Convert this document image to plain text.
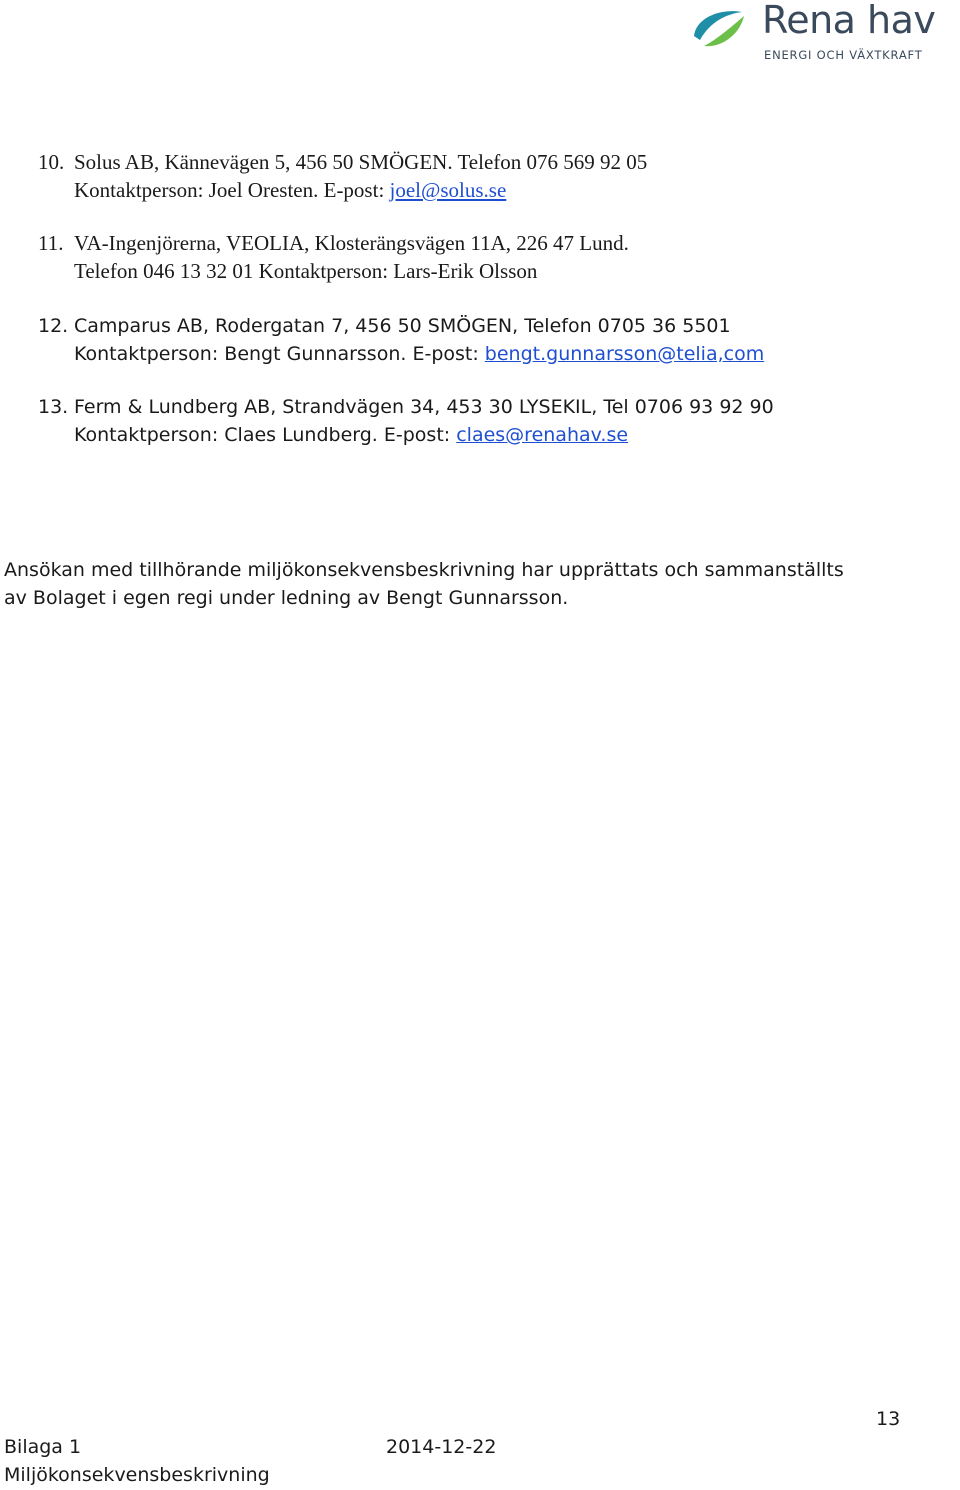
Rena hav
ENERGI OCH VÄXTKRAFT
10. Solus AB, Kännevägen 5, 456 50 SMÖGEN. Telefon 076 569 92 05
Kontaktperson: Joel Oresten. E-post: joel@solus.se
11. VA-Ingenjörerna, VEOLIA, Klosterängsvägen 11A, 226 47 Lund.
Telefon 046 13 32 01 Kontaktperson: Lars-Erik Olsson
12. Camparus AB, Rodergatan 7, 456 50 SMÖGEN, Telefon 0705 36 5501
Kontaktperson: Bengt Gunnarsson. E-post: bengt.gunnarsson@telia,com
13. Ferm & Lundberg AB, Strandvägen 34, 453 30 LYSEKIL, Tel 0706 93 92 90
Kontaktperson: Claes Lundberg. E-post: claes@renahav.se
Ansökan med tillhörande miljökonsekvensbeskrivning har upprättats och sammanställts
av Bolaget i egen regi under ledning av Bengt Gunnarsson.
13
Bilaga 1	2014-12-22
Miljökonsekvensbeskrivning
